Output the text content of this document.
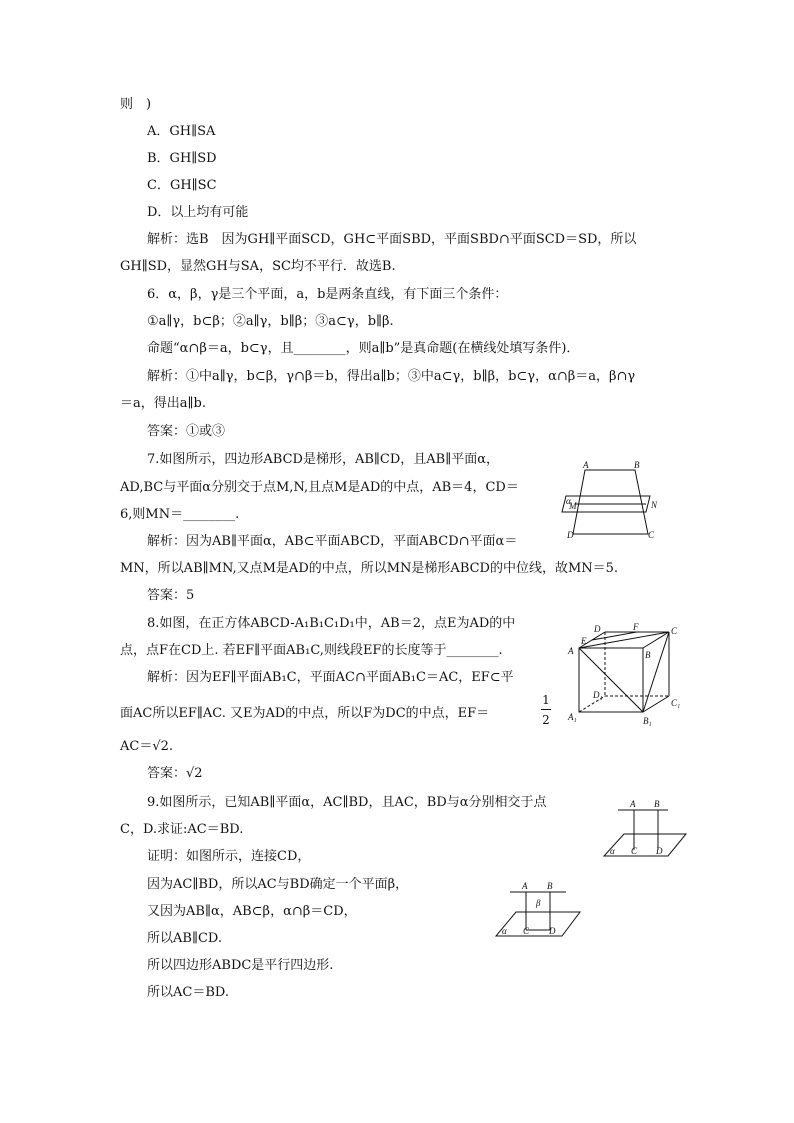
则　)
A．GH∥SA
B．GH∥SD
C．GH∥SC
D．以上均有可能
解析：选B　因为GH∥平面SCD，GH⊂平面SBD，平面SBD∩平面SCD＝SD，所以
GH∥SD，显然GH与SA，SC均不平行．故选B.
6．α，β，γ是三个平面，a，b是两条直线，有下面三个条件：
①a∥γ，b⊂β；②a∥γ，b∥β；③a⊂γ，b∥β.
命题“α∩β＝a，b⊂γ，且________，则a∥b”是真命题(在横线处填写条件)．
解析：①中a∥γ，b⊂β，γ∩β＝b，得出a∥b；③中a⊂γ，b∥β，b⊂γ，α∩β＝a，β∩γ
＝a，得出a∥b.
答案：①或③
7.如图所示，四边形ABCD是梯形，AB∥CD，且AB∥平面α，
AD,BC与平面α分别交于点M,N,且点M是AD的中点，AB＝4，CD＝
6,则MN＝________.
解析：因为AB∥平面α，AB⊂平面ABCD，平面ABCD∩平面α＝
MN，所以AB∥MN,又点M是AD的中点，所以MN是梯形ABCD的中位线，故MN＝5.
答案：5
A	B
α
M	N
D	C
8.如图，在正方体ABCD-A₁B₁C₁D₁中，AB＝2，点E为AD的中
点，点F在CD上. 若EF∥平面AB₁C,则线段EF的长度等于________.
解析：因为EF∥平面AB₁C，平面AC∩平面AB₁C＝AC，EF⊂平
面AC所以EF∥AC. 又E为AD的中点，所以F为DC的中点，EF＝
1
2
AC＝√2.
答案：√2
D	F	C
E
A	B
D₁
C₁
A₁	B₁
9.如图所示，已知AB∥平面α，AC∥BD，且AC，BD与α分别相交于点
C，D.求证:AC＝BD.
证明：如图所示，连接CD，
因为AC∥BD，所以AC与BD确定一个平面β，
又因为AB∥α，AB⊂β，α∩β＝CD，
所以AB∥CD.
所以四边形ABDC是平行四边形.
所以AC＝BD.
A B
α C D
A B
β
α C D
